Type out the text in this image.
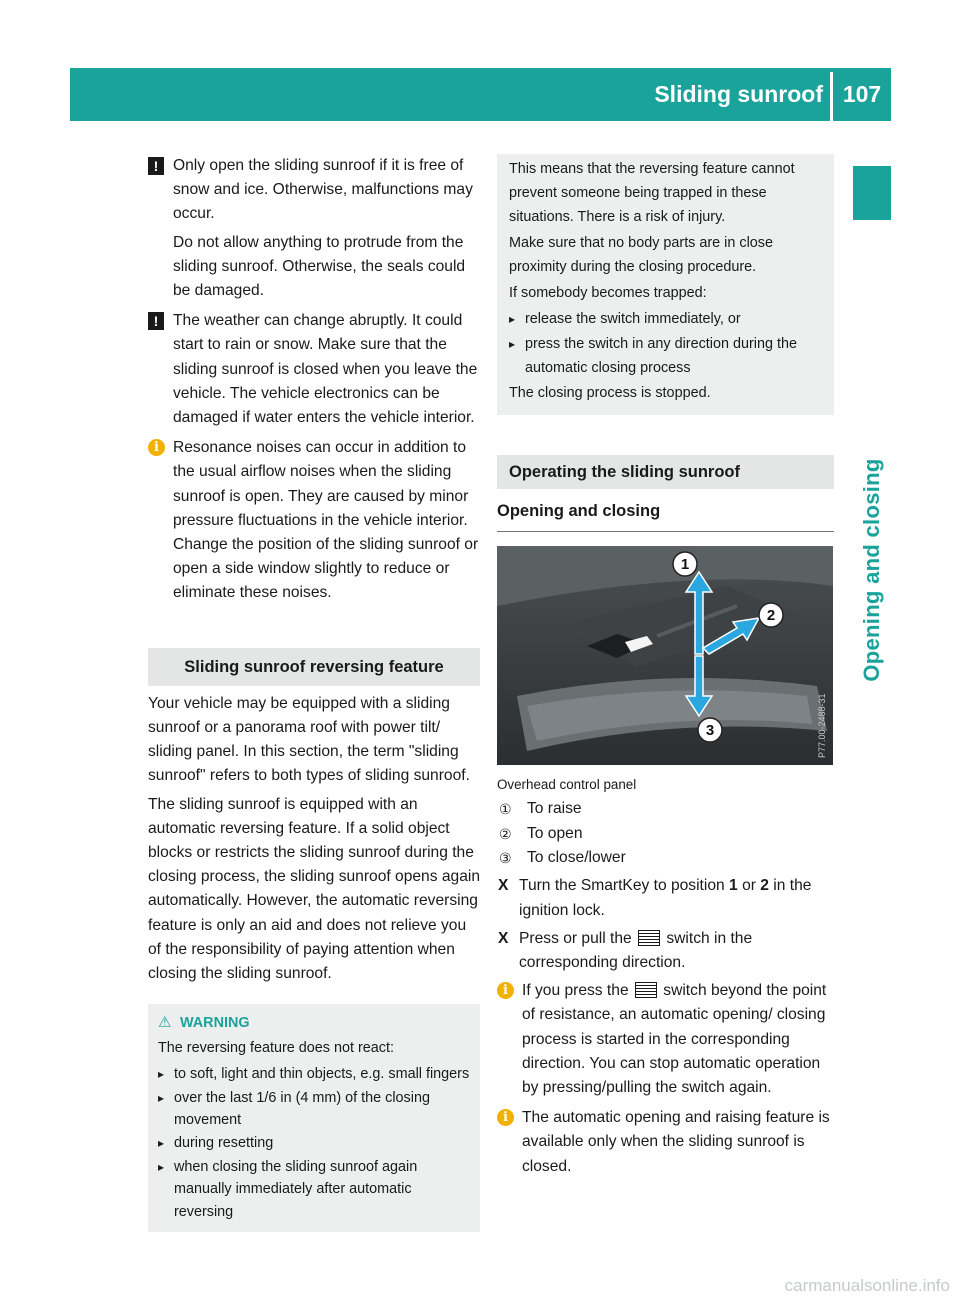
Sliding sunroof 107
Opening and closing
! Only open the sliding sunroof if it is free of snow and ice. Otherwise, malfunctions may occur.

Do not allow anything to protrude from the sliding sunroof. Otherwise, the seals could be damaged.

! The weather can change abruptly. It could start to rain or snow. Make sure that the sliding sunroof is closed when you leave the vehicle. The vehicle electronics can be damaged if water enters the vehicle interior.

i Resonance noises can occur in addition to the usual airflow noises when the sliding sunroof is open. They are caused by minor pressure fluctuations in the vehicle interior. Change the position of the sliding sunroof or open a side window slightly to reduce or eliminate these noises.

Sliding sunroof reversing feature

Your vehicle may be equipped with a sliding sunroof or a panorama roof with power tilt/ sliding panel. In this section, the term "sliding sunroof" refers to both types of sliding sunroof.

The sliding sunroof is equipped with an automatic reversing feature. If a solid object blocks or restricts the sliding sunroof during the closing process, the sliding sunroof opens again automatically. However, the automatic reversing feature is only an aid and does not relieve you of the responsibility of paying attention when closing the sliding sunroof.

⚠ WARNING

The reversing feature does not react:

▸ to soft, light and thin objects, e.g. small fingers
▸ over the last 1/6 in (4 mm) of the closing movement
▸ during resetting
▸ when closing the sliding sunroof again manually immediately after automatic reversing

This means that the reversing feature cannot prevent someone being trapped in these situations. There is a risk of injury.

Make sure that no body parts are in close proximity during the closing procedure.

If somebody becomes trapped:

▸ release the switch immediately, or
▸ press the switch in any direction during the automatic closing process

The closing process is stopped.

Operating the sliding sunroof
Opening and closing
1
2
3	P77.00-2488-31
Overhead control panel
① To raise
② To open
③ To close/lower
X Turn the SmartKey to position 1 or 2 in the ignition lock.
X Press or pull the  switch in the corresponding direction.
i If you press the  switch beyond the point of resistance, an automatic opening/ closing process is started in the corresponding direction. You can stop automatic operation by pressing/pulling the switch again.

i The automatic opening and raising feature is available only when the sliding sunroof is closed.

carmanualsonline.info
